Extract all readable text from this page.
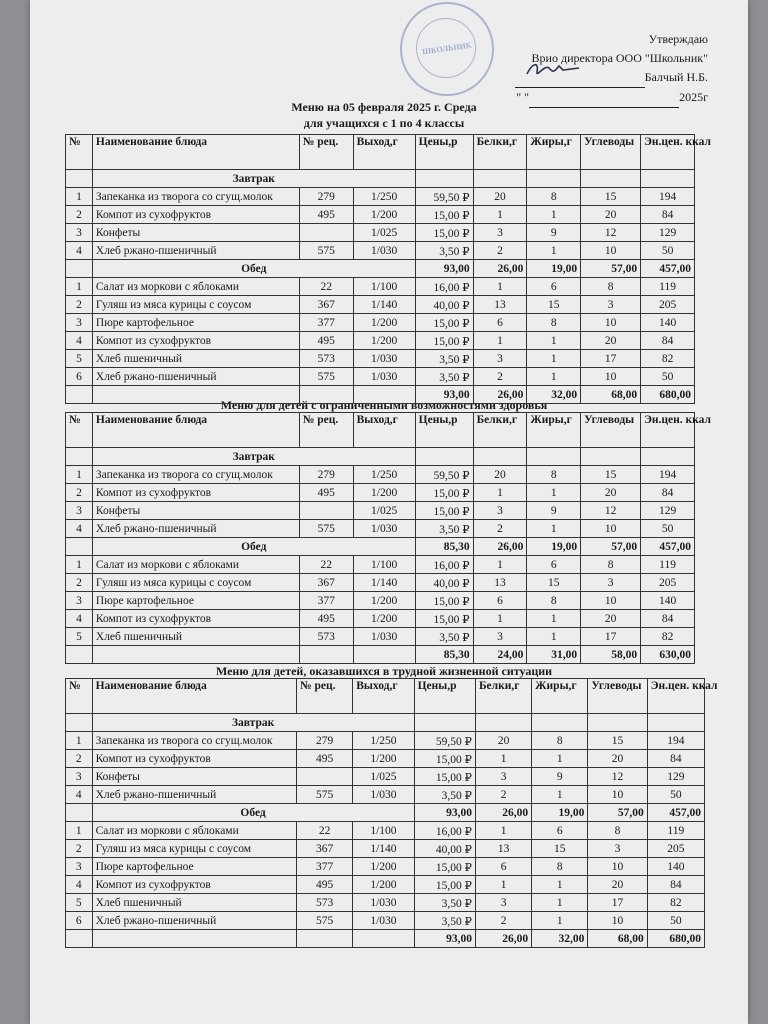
ШКОЛЬНИК
Утверждаю
Врио директора ООО "Школьник"
Балчый Н.Б.
" "	2025г
Меню на 05 февраля 2025 г. Среда
для учащихся с 1 по 4 классы
Меню для детей с ограниченными возможностями здоровья
Меню для детей, оказавшихся в трудной жизненной ситуации
№	Наименование блюда	№ рец.	Выход,г	Цены,р	Белки,г	Жиры,г	Углеводы	Эн.цен. ккал
	Завтрак							
1	Запеканка из творога со сгущ.молок	279	1/250	59,50 ₽	20	8	15	194
2	Компот из сухофруктов	495	1/200	15,00 ₽	1	1	20	84
3	Конфеты		1/025	15,00 ₽	3	9	12	129
4	Хлеб ржано-пшеничный	575	1/030	3,50 ₽	2	1	10	50
	Обед			93,00	26,00	19,00	57,00	457,00
1	Салат из моркови с яблоками	22	1/100	16,00 ₽	1	6	8	119
2	Гуляш из мяса курицы с соусом	367	1/140	40,00 ₽	13	15	3	205
3	Пюре картофельное	377	1/200	15,00 ₽	6	8	10	140
4	Компот из сухофруктов	495	1/200	15,00 ₽	1	1	20	84
5	Хлеб пшеничный	573	1/030	3,50 ₽	3	1	17	82
6	Хлеб ржано-пшеничный	575	1/030	3,50 ₽	2	1	10	50
				93,00	26,00	32,00	68,00	680,00
№	Наименование блюда	№ рец.	Выход,г	Цены,р	Белки,г	Жиры,г	Углеводы	Эн.цен. ккал
	Завтрак							
1	Запеканка из творога со сгущ.молок	279	1/250	59,50 ₽	20	8	15	194
2	Компот из сухофруктов	495	1/200	15,00 ₽	1	1	20	84
3	Конфеты		1/025	15,00 ₽	3	9	12	129
4	Хлеб ржано-пшеничный	575	1/030	3,50 ₽	2	1	10	50
	Обед			85,30	26,00	19,00	57,00	457,00
1	Салат из моркови с яблоками	22	1/100	16,00 ₽	1	6	8	119
2	Гуляш из мяса курицы с соусом	367	1/140	40,00 ₽	13	15	3	205
3	Пюре картофельное	377	1/200	15,00 ₽	6	8	10	140
4	Компот из сухофруктов	495	1/200	15,00 ₽	1	1	20	84
5	Хлеб пшеничный	573	1/030	3,50 ₽	3	1	17	82
				85,30	24,00	31,00	58,00	630,00
№	Наименование блюда	№ рец.	Выход,г	Цены,р	Белки,г	Жиры,г	Углеводы	Эн.цен. ккал
	Завтрак							
1	Запеканка из творога со сгущ.молок	279	1/250	59,50 ₽	20	8	15	194
2	Компот из сухофруктов	495	1/200	15,00 ₽	1	1	20	84
3	Конфеты		1/025	15,00 ₽	3	9	12	129
4	Хлеб ржано-пшеничный	575	1/030	3,50 ₽	2	1	10	50
	Обед			93,00	26,00	19,00	57,00	457,00
1	Салат из моркови с яблоками	22	1/100	16,00 ₽	1	6	8	119
2	Гуляш из мяса курицы с соусом	367	1/140	40,00 ₽	13	15	3	205
3	Пюре картофельное	377	1/200	15,00 ₽	6	8	10	140
4	Компот из сухофруктов	495	1/200	15,00 ₽	1	1	20	84
5	Хлеб пшеничный	573	1/030	3,50 ₽	3	1	17	82
6	Хлеб ржано-пшеничный	575	1/030	3,50 ₽	2	1	10	50
				93,00	26,00	32,00	68,00	680,00
